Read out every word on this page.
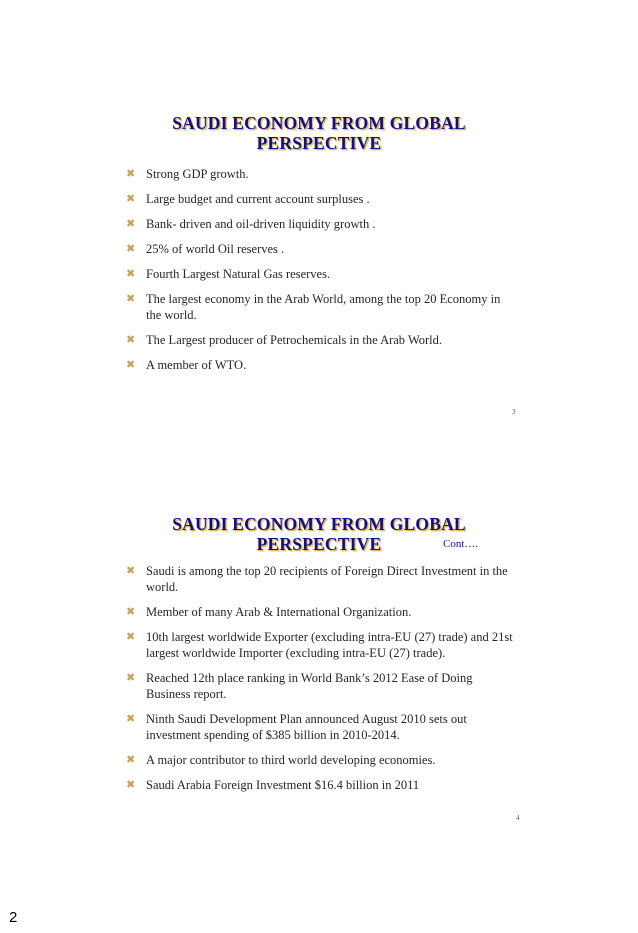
SAUDI ECONOMY FROM GLOBAL
PERSPECTIVE
✖ Strong GDP growth.
✖ Large budget and current account surpluses .
✖ Bank- driven and oil-driven liquidity growth .
✖ 25% of world Oil reserves .
✖ Fourth Largest Natural Gas reserves.
✖ The largest economy in the Arab World, among the top 20 Economy in the world.
✖ The Largest producer of Petrochemicals in the Arab World.
✖ A member of WTO.
3
SAUDI ECONOMY FROM GLOBAL
PERSPECTIVE	Cont….
✖ Saudi is among the top 20 recipients of Foreign Direct Investment in the world.
✖ Member of many Arab & International Organization.
✖ 10th largest worldwide Exporter (excluding intra-EU (27) trade) and 21st largest worldwide Importer (excluding intra-EU (27) trade).
✖ Reached 12th place ranking in World Bank’s 2012 Ease of Doing Business report.
✖ Ninth Saudi Development Plan announced August 2010 sets out investment spending of $385 billion in 2010-2014.
✖ A major contributor to third world developing economies.
✖ Saudi Arabia Foreign Investment $16.4 billion in 2011
4
2
